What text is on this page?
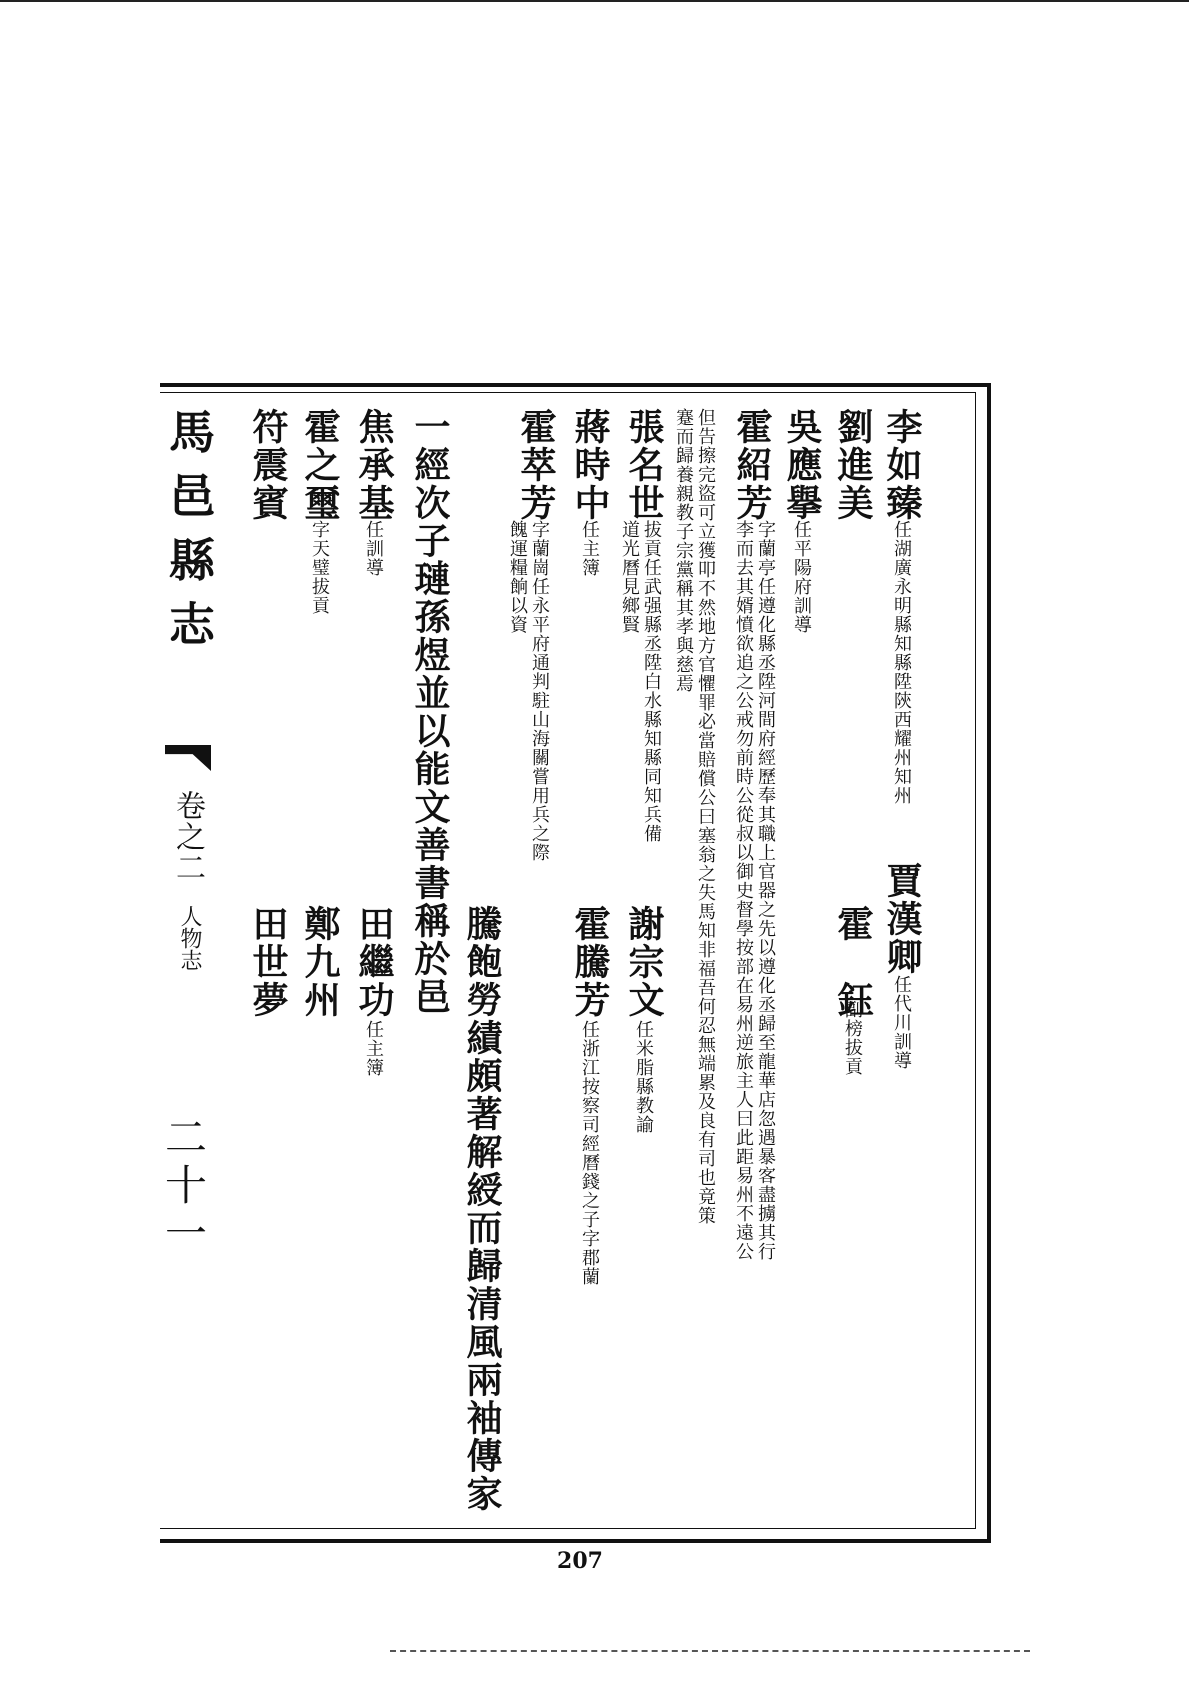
馬邑縣志
卷之二
人物志
二十一
李如臻
任湖廣永明縣知縣陞陝西耀州知州
賈漢卿
任代川訓導
劉進美
霍　鈺
副榜拔貢
吳應擧
任平陽府訓導
霍紹芳
字蘭亭任遵化縣丞陞河間府經歷奉其職上官器之先以遵化丞歸至龍華店忽遇暴客盡擄其行
李而去其婿憤欲追之公戒勿前時公從叔以御史督學按部在易州逆旅主人曰此距易州不遠公
但告擦完盜可立獲叩不然地方官懼罪必當賠償公曰塞翁之失馬知非福吾何忍無端累及良有司也竟策
蹇而歸養親教子宗黨稱其孝與慈焉
張名世
拔貢任武强縣丞陞白水縣知縣同知兵備
道光曆見鄉賢
謝宗文
任米脂縣教諭
蔣時中
任主簿
霍騰芳
任浙江按察司經曆錢之子字郡蘭
霍萃芳
字蘭崗任永平府通判駐山海關嘗用兵之際
餽運糧餉以資
騰飽勞績頗著解綬而歸清風兩袖傳家
一經次子璉孫煜並以能文善書稱於邑
焦承基
任訓導
田繼功
任主簿
霍之璽
字天璧拔貢
鄭九州
符震賓
田世夢
207
